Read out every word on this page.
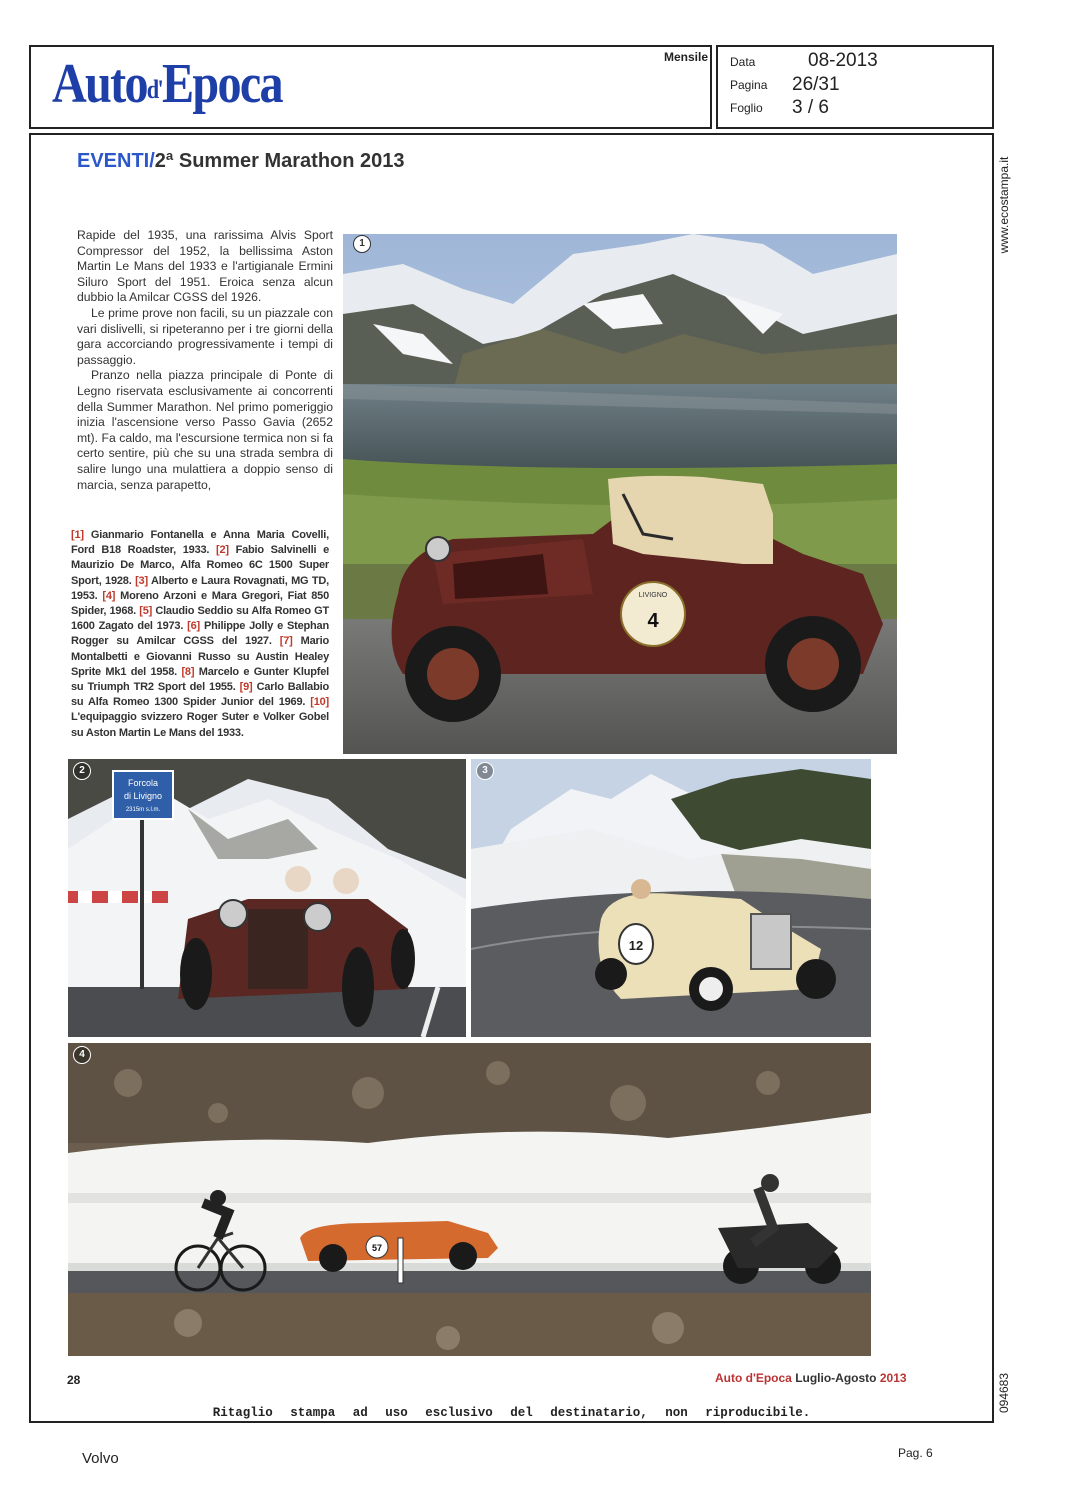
Auto$^{d'}$Epoca	Mensile Data	08-2013
Pagina 26/31
Foglio 3 / 6
www.ecostampa.it
094683
EVENTI/2ª Summer Marathon 2013

Rapide del 1935, una rarissima Alvis Sport Compressor del 1952, la bellissima Aston Martin Le Mans del 1933 e l'artigianale Ermini Siluro Sport del 1951. Eroica senza alcun dubbio la Amilcar CGSS del 1926.

Le prime prove non facili, su un piazzale con vari dislivelli, si ripeteranno per i tre giorni della gara accorciando progressivamente i tempi di passaggio.

Pranzo nella piazza principale di Ponte di Legno riservata esclusivamente ai concorrenti della Summer Marathon. Nel primo pomeriggio inizia l'ascensione verso Passo Gavia (2652 mt). Fa caldo, ma l'escursione termica non si fa certo sentire, più che su una strada sembra di salire lungo una mulattiera a doppio senso di marcia, senza parapetto,

[1] Gianmario Fontanella e Anna Maria Covelli, Ford B18 Roadster, 1933. [2] Fabio Salvinelli e Maurizio De Marco, Alfa Romeo 6C 1500 Super Sport, 1928. [3] Alberto e Laura Rovagnati, MG TD, 1953. [4] Moreno Arzoni e Mara Gregori, Fiat 850 Spider, 1968. [5] Claudio Seddio su Alfa Romeo GT 1600 Zagato del 1973. [6] Philippe Jolly e Stephan Rogger su Amilcar CGSS del 1927. [7] Mario Montalbetti e Giovanni Russo su Austin Healey Sprite Mk1 del 1958. [8] Marcelo e Gunter Klupfel su Triumph TR2 Sport del 1955. [9] Carlo Ballabio su Alfa Romeo 1300 Spider Junior del 1969. [10] L'equipaggio svizzero Roger Suter e Volker Gobel su Aston Martin Le Mans del 1933.
LIVIGNO
4
1
Forcola
di Livigno
2315m s.l.m.
2
12
3
57
4
28	Auto d'Epoca Luglio-Agosto 2013
Ritaglio stampa ad uso esclusivo del destinatario, non riproducibile.
Volvo	Pag. 6
